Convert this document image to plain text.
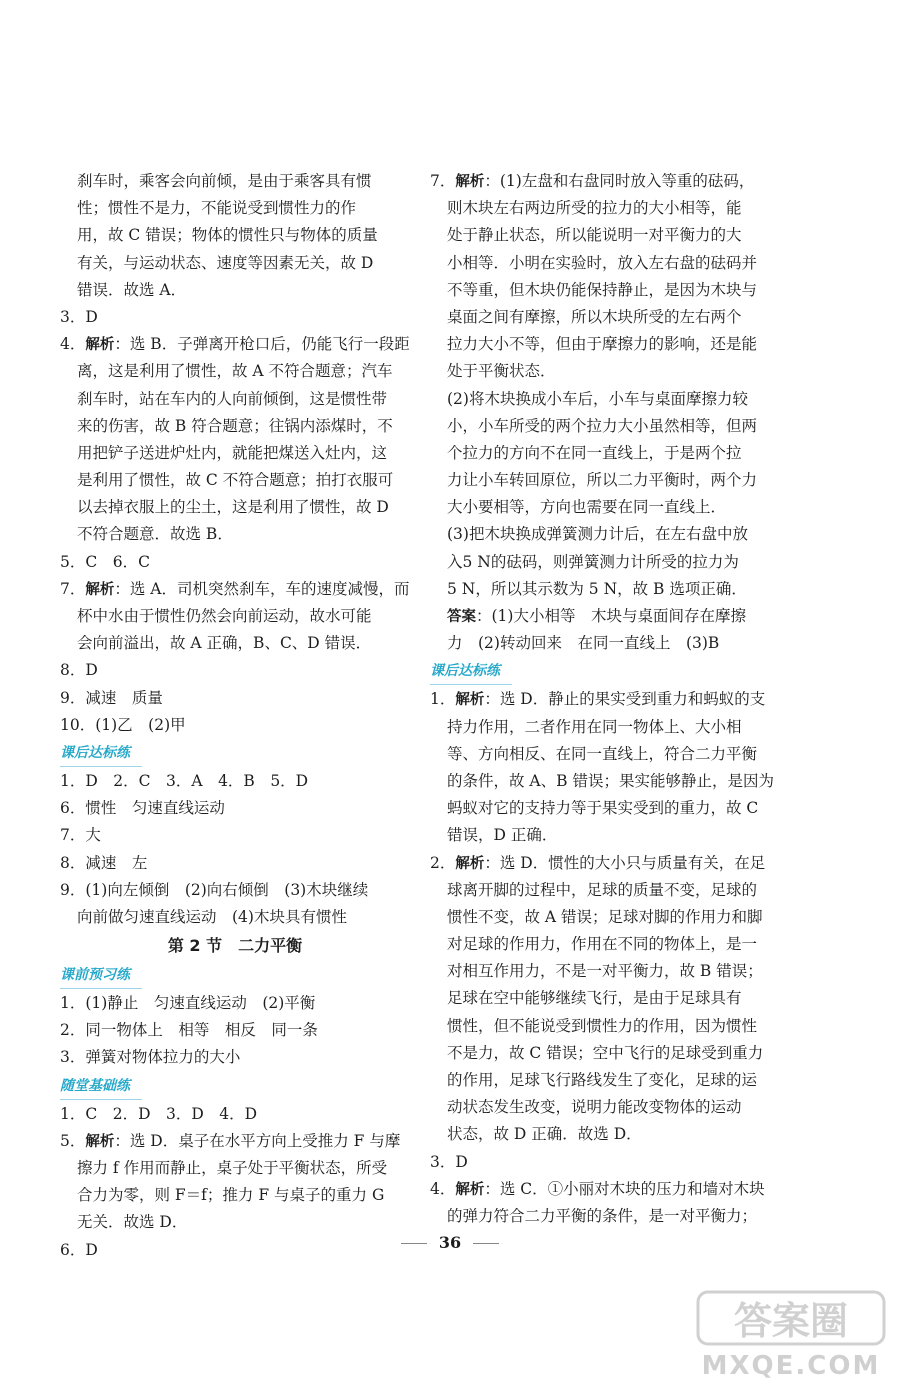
刹车时，乘客会向前倾，是由于乘客具有惯
性；惯性不是力，不能说受到惯性力的作
用，故 C 错误；物体的惯性只与物体的质量
有关，与运动状态、速度等因素无关，故 D
错误．故选 A．
3．D
4．解析：选 B．子弹离开枪口后，仍能飞行一段距
离，这是利用了惯性，故 A 不符合题意；汽车
刹车时，站在车内的人向前倾倒，这是惯性带
来的伤害，故 B 符合题意；往锅内添煤时，不
用把铲子送进炉灶内，就能把煤送入灶内，这
是利用了惯性，故 C 不符合题意；拍打衣服可
以去掉衣服上的尘土，这是利用了惯性，故 D
不符合题意．故选 B．
5．C　6．C
7．解析：选 A．司机突然刹车，车的速度减慢，而
杯中水由于惯性仍然会向前运动，故水可能
会向前溢出，故 A 正确，B、C、D 错误．
8．D
9．减速　质量
10．(1)乙　(2)甲
课后达标练
1．D　2．C　3．A　4．B　5．D
6．惯性　匀速直线运动
7．大
8．减速　左
9．(1)向左倾倒　(2)向右倾倒　(3)木块继续
向前做匀速直线运动　(4)木块具有惯性
第 2 节　二力平衡
课前预习练
1．(1)静止　匀速直线运动　(2)平衡
2．同一物体上　相等　相反　同一条
3．弹簧对物体拉力的大小
随堂基础练
1．C　2．D　3．D　4．D
5．解析：选 D．桌子在水平方向上受推力 F 与摩
擦力 f 作用而静止，桌子处于平衡状态，所受
合力为零，则 F＝f；推力 F 与桌子的重力 G
无关．故选 D．
6．D
7．解析：(1)左盘和右盘同时放入等重的砝码，
则木块左右两边所受的拉力的大小相等，能
处于静止状态，所以能说明一对平衡力的大
小相等．小明在实验时，放入左右盘的砝码并
不等重，但木块仍能保持静止，是因为木块与
桌面之间有摩擦，所以木块所受的左右两个
拉力大小不等，但由于摩擦力的影响，还是能
处于平衡状态．
(2)将木块换成小车后，小车与桌面摩擦力较
小，小车所受的两个拉力大小虽然相等，但两
个拉力的方向不在同一直线上，于是两个拉
力让小车转回原位，所以二力平衡时，两个力
大小要相等，方向也需要在同一直线上．
(3)把木块换成弹簧测力计后，在左右盘中放
入5 N的砝码，则弹簧测力计所受的拉力为
5 N，所以其示数为 5 N，故 B 选项正确．
答案：(1)大小相等　木块与桌面间存在摩擦
力　(2)转动回来　在同一直线上　(3)B
课后达标练
1．解析：选 D．静止的果实受到重力和蚂蚁的支
持力作用，二者作用在同一物体上、大小相
等、方向相反、在同一直线上，符合二力平衡
的条件，故 A、B 错误；果实能够静止，是因为
蚂蚁对它的支持力等于果实受到的重力，故 C
错误，D 正确．
2．解析：选 D．惯性的大小只与质量有关，在足
球离开脚的过程中，足球的质量不变，足球的
惯性不变，故 A 错误；足球对脚的作用力和脚
对足球的作用力，作用在不同的物体上，是一
对相互作用力，不是一对平衡力，故 B 错误；
足球在空中能够继续飞行，是由于足球具有
惯性，但不能说受到惯性力的作用，因为惯性
不是力，故 C 错误；空中飞行的足球受到重力
的作用，足球飞行路线发生了变化，足球的运
动状态发生改变，说明力能改变物体的运动
状态，故 D 正确．故选 D．
3．D
4．解析：选 C．①小丽对木块的压力和墙对木块
的弹力符合二力平衡的条件，是一对平衡力；
36
答案圈
MXQE.COM
